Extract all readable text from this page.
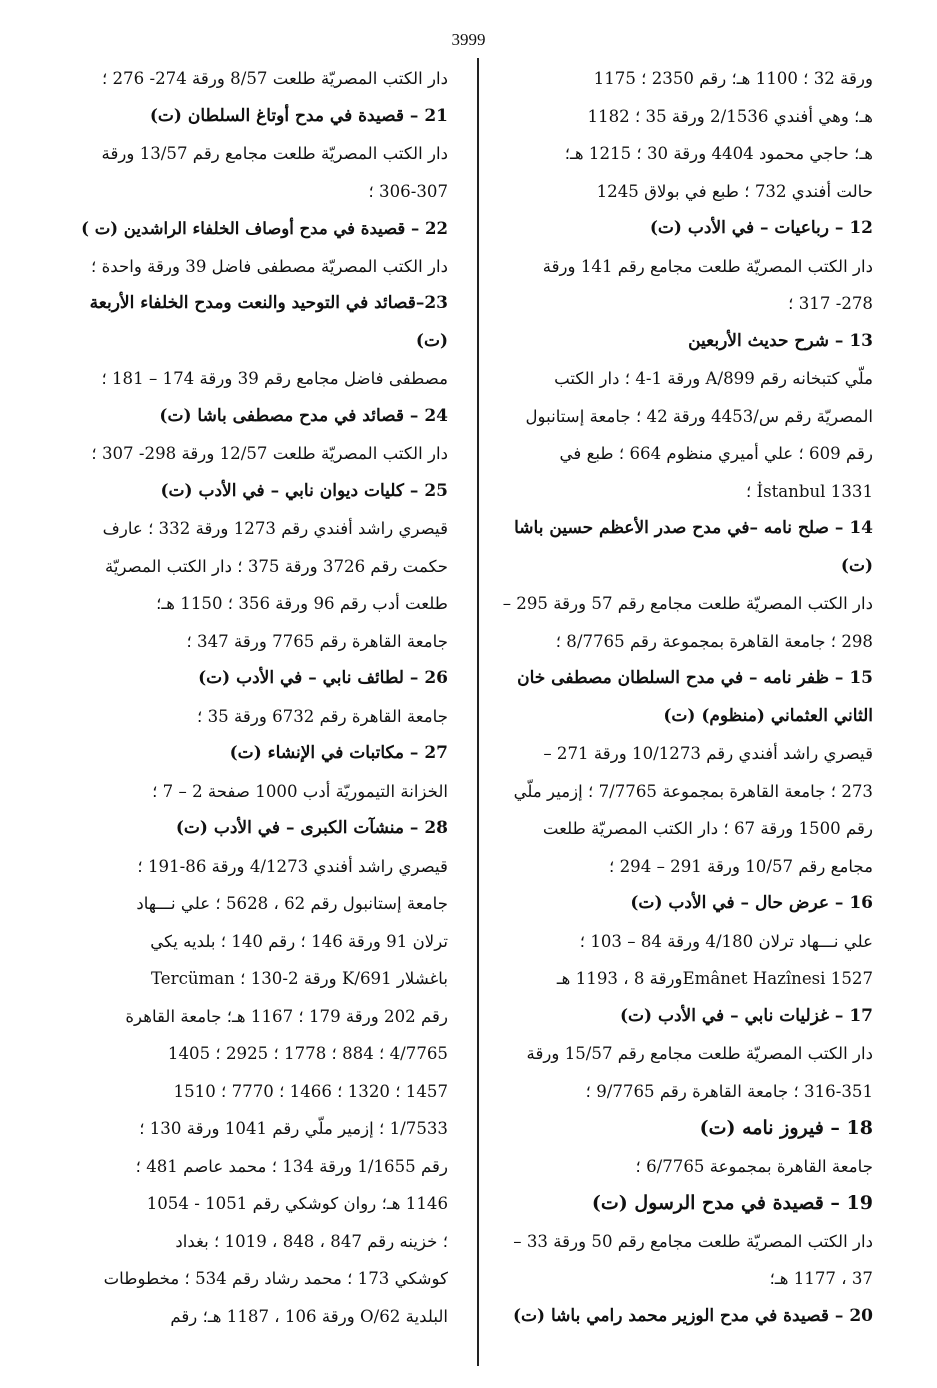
3999
ورقة 32 ؛ 1100 هـ؛ رقم 2350 ؛ 1175
هـ؛ وهي أفندي 2/1536 ورقة 35 ؛ 1182
هـ؛ حاجي محمود 4404 ورقة 30 ؛ 1215 هـ؛
حالت أفندي 732 ؛ طبع في بولاق 1245
12 – رباعيات – في الأدب (ت)
دار الكتب المصريّة طلعت مجامع رقم 141 ورقة
278- 317 ؛
13 – شرح حديث الأربعين
ملّي كتبخانه رقم 899/A ورقة 1-4 ؛ دار الكتب
المصريّة رقم س/4453 ورقة 42 ؛ جامعة إستانبول
رقم 609 ؛ علي أميري منظوم 664 ؛ طبع في
1331 İstanbul ؛
14 – صلح نامه –في مدح صدر الأعظم حسين باشا
(ت)
دار الكتب المصريّة طلعت مجامع رقم 57 ورقة 295 –
298 ؛ جامعة القاهرة بمجموعة رقم 8/7765 ؛
15 – ظفر نامه – في مدح السلطان مصطفى خان
الثاني العثماني (منظوم) (ت)
قيصري راشد أفندي رقم 10/1273 ورقة 271 –
273 ؛ جامعة القاهرة بمجموعة 7/7765 ؛ إزمير ملّي
رقم 1500 ورقة 67 ؛ دار الكتب المصريّة طلعت
مجامع رقم 10/57 ورقة 291 – 294 ؛
16 – عرض حال – في الأدب (ت)
علي نـــهاد ترلان 4/180 ورقة 84 – 103 ؛
1527 Emânet Hazînesiورقة 8 ، 1193 هـ
17 – غزليات نابي – في الأدب (ت)
دار الكتب المصريّة طلعت مجامع رقم 15/57 ورقة
316-351 ؛ جامعة القاهرة رقم 9/7765 ؛
18 – فيروز نامه (ت)
جامعة القاهرة بمجموعة 6/7765 ؛
19 – قصيدة في مدح الرسول (ت)
دار الكتب المصريّة طلعت مجامع رقم 50 ورقة 33 –
37 ، 1177 هـ؛
20 – قصيدة في مدح الوزير محمد رامي باشا (ت)
دار الكتب المصريّة طلعت 8/57 ورقة 274- 276 ؛
21 – قصيدة في مدح أوتاغ السلطان (ت)
دار الكتب المصريّة طلعت مجامع رقم 13/57 ورقة
306-307 ؛
22 – قصيدة في مدح أوصاف الخلفاء الراشدين (ت )
دار الكتب المصريّة مصطفى فاضل 39 ورقة واحدة ؛
23–قصائد في التوحيد والنعت ومدح الخلفاء الأربعة
(ت)
مصطفى فاضل مجامع رقم 39 ورقة 174 – 181 ؛
24 – قصائد في مدح مصطفى باشا (ت)
دار الكتب المصريّة طلعت 12/57 ورقة 298- 307 ؛
25 – كليات ديوان نابي – في الأدب (ت)
قيصري راشد أفندي رقم 1273 ورقة 332 ؛ عارف
حكمت رقم 3726 ورقة 375 ؛ دار الكتب المصريّة
طلعت أدب رقم 96 ورقة 356 ؛ 1150 هـ؛
جامعة القاهرة رقم 7765 ورقة 347 ؛
26 – لطائف نابي – في الأدب (ت)
جامعة القاهرة رقم 6732 ورقة 35 ؛
27 – مكاتبات في الإنشاء (ت)
الخزانة التيموريّة أدب 1000 صفحة 2 – 7 ؛
28 – منشآت الكبرى – في الأدب (ت)
قيصري راشد أفندي 4/1273 ورقة 86-191 ؛
جامعة إستانبول رقم 62 ، 5628 ؛ علي نـــهاد
ترلان 91 ورقة 146 ؛ رقم 140 ؛ بلديه يكي
باغشلار 691/K ورقة 2-130 ؛ Tercüman
رقم 202 ورقة 179 ؛ 1167 هـ؛ جامعة القاهرة
4/7765 ؛ 884 ؛ 1778 ؛ 2925 ؛ 1405
1457 ؛ 1320 ؛ 1466 ؛ 7770 ؛ 1510
1/7533 ؛ إزمير ملّي رقم 1041 ورقة 130 ؛
رقم 1/1655 ورقة 134 ؛ محمد عاصم 481 ؛
1146 هـ؛ روان كوشكي رقم 1051 - 1054
؛ خزينه رقم 847 ، 848 ، 1019 ؛ بغداد
كوشكي 173 ؛ محمد رشاد رقم 534 ؛ مخطوطات
البلدية 62/O ورقة 106 ، 1187 هـ؛ رقم
